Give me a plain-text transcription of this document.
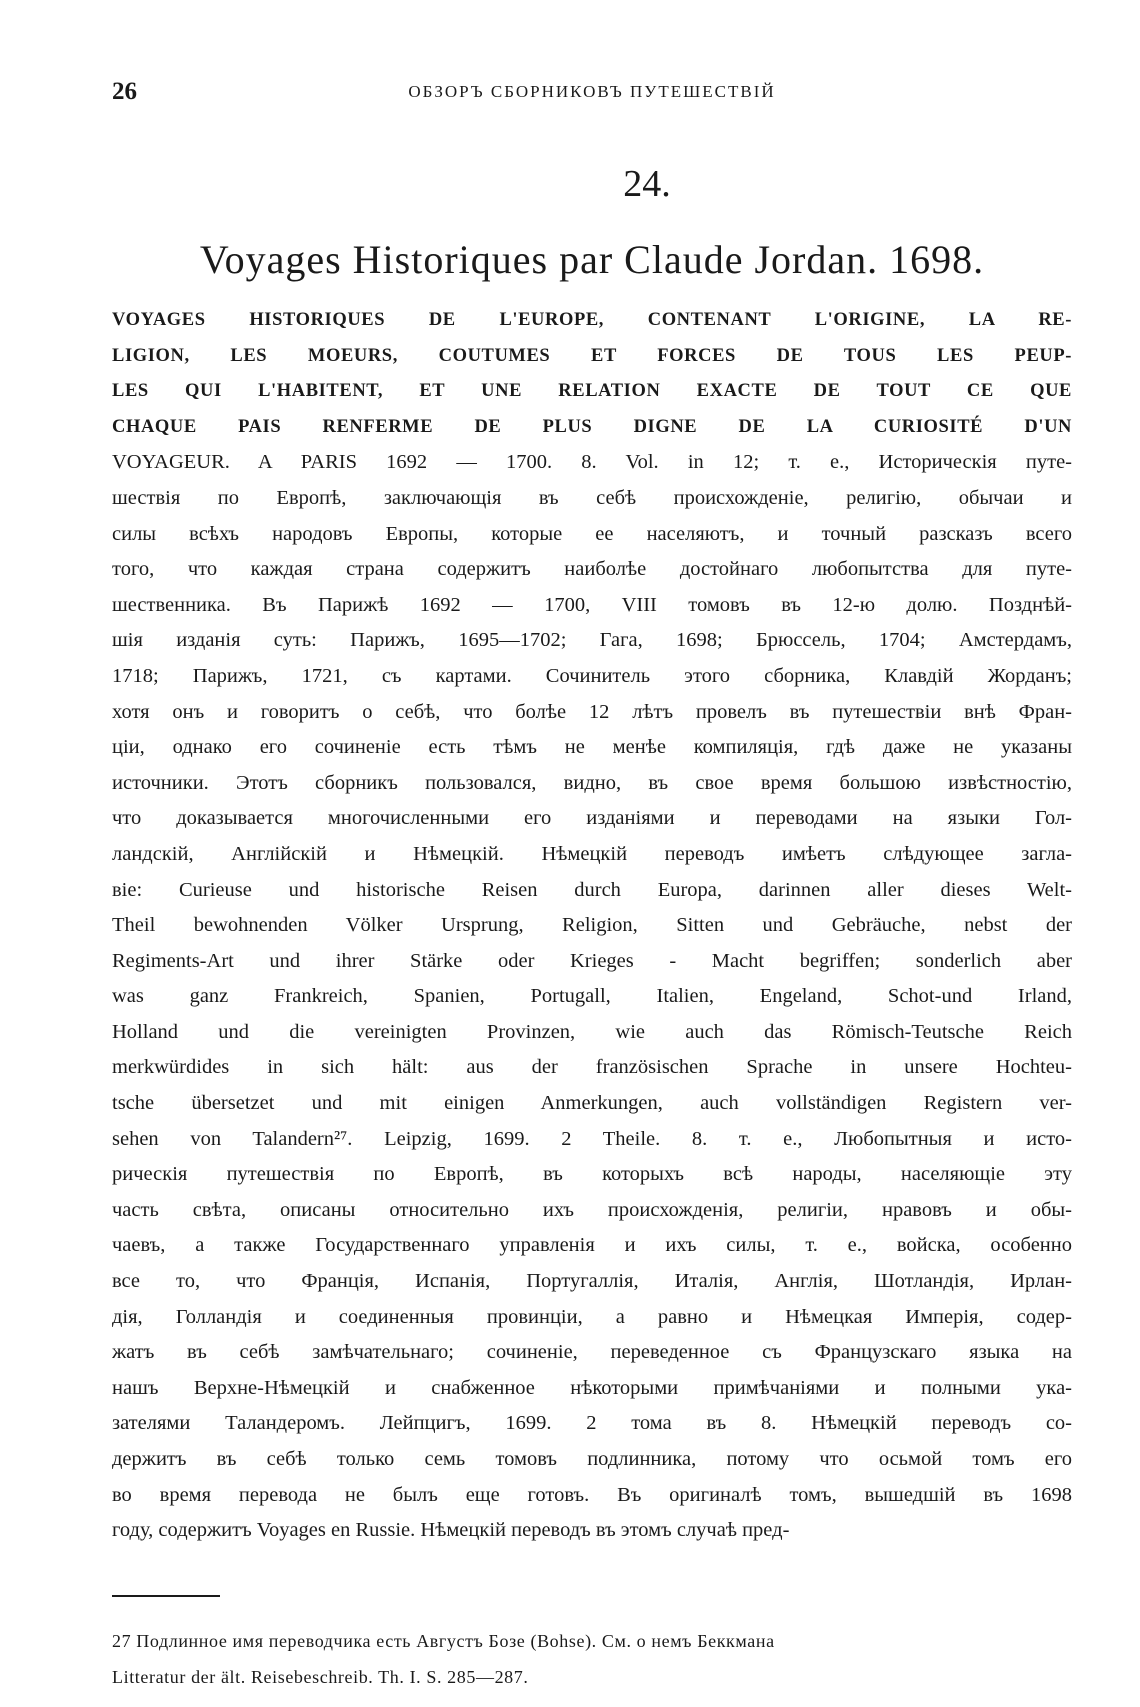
26	ОБЗОРЪ СБОРНИКОВЪ ПУТЕШЕСТВІЙ
24.
Voyages Historiques par Claude Jordan. 1698.
VOYAGES HISTORIQUES DE L'EUROPE, CONTENANT L'ORIGINE, LA RE-
LIGION, LES MOEURS, COUTUMES ET FORCES DE TOUS LES PEUP-
LES QUI L'HABITENT, ET UNE RELATION EXACTE DE TOUT CE QUE
CHAQUE PAIS RENFERME DE PLUS DIGNE DE LA CURIOSITÉ D'UN
VOYAGEUR. A PARIS 1692 — 1700. 8. Vol. in 12; т. е., Историческія путе-
шествія по Европѣ, заключающія въ себѣ происхожденіе, религію, обычаи и
силы всѣхъ народовъ Европы, которые ее населяютъ, и точный разсказъ всего
того, что каждая страна содержитъ наиболѣе достойнаго любопытства для путе-
шественника. Въ Парижѣ 1692 — 1700, VIII томовъ въ 12-ю долю. Позднѣй-
шія изданія суть: Парижъ, 1695—1702; Гага, 1698; Брюссель, 1704; Амстердамъ,
1718; Парижъ, 1721, съ картами. Сочинитель этого сборника, Клавдій Жорданъ;
хотя онъ и говоритъ о себѣ, что болѣе 12 лѣтъ провелъ въ путешествіи внѣ Фран-
ціи, однако его сочиненіе есть тѣмъ не менѣе компиляція, гдѣ даже не указаны
источники. Этотъ сборникъ пользовался, видно, въ свое время большою извѣстностію,
что доказывается многочисленными его изданіями и переводами на языки Гол-
ландскій, Англійскій и Нѣмецкій. Нѣмецкій переводъ имѣетъ слѣдующее загла-
віе: Curieuse und historische Reisen durch Europa, darinnen aller dieses Welt-
Theil bewohnenden Völker Ursprung, Religion, Sitten und Gebräuche, nebst der
Regiments-Art und ihrer Stärke oder Krieges - Macht begriffen; sonderlich aber
was ganz Frankreich, Spanien, Portugall, Italien, Engeland, Schot-und Irland,
Holland und die vereinigten Provinzen, wie auch das Römisch-Teutsche Reich
merkwürdides in sich hält: aus der französischen Sprache in unsere Hochteu-
tsche übersetzet und mit einigen Anmerkungen, auch vollständigen Registern ver-
sehen von Talandern²⁷. Leipzig, 1699. 2 Theile. 8. т. е., Любопытныя и исто-
рическія путешествія по Европѣ, въ которыхъ всѣ народы, населяющіе эту
часть свѣта, описаны относительно ихъ происхожденія, религіи, нравовъ и обы-
чаевъ, а также Государственнаго управленія и ихъ силы, т. е., войска, особенно
все то, что Франція, Испанія, Португаллія, Италія, Англія, Шотландія, Ирлан-
дія, Голландія и соединенныя провинціи, а равно и Нѣмецкая Имперія, содер-
жатъ въ себѣ замѣчательнаго; сочиненіе, переведенное съ Французскаго языка на
нашъ Верхне-Нѣмецкій и снабженное нѣкоторыми примѣчаніями и полными ука-
зателями Таландеромъ. Лейпцигъ, 1699. 2 тома въ 8. Нѣмецкій переводъ со-
держитъ въ себѣ только семь томовъ подлинника, потому что осьмой томъ его
во время перевода не былъ еще готовъ. Въ оригиналѣ томъ, вышедшій въ 1698
году, содержитъ Voyages en Russie. Нѣмецкій переводъ въ этомъ случаѣ пред-
27 Подлинное имя переводчика есть Августъ Бозе (Bohse). См. о немъ Беккмана
Litteratur der ält. Reisebeschreib. Th. I. S. 285—287.
